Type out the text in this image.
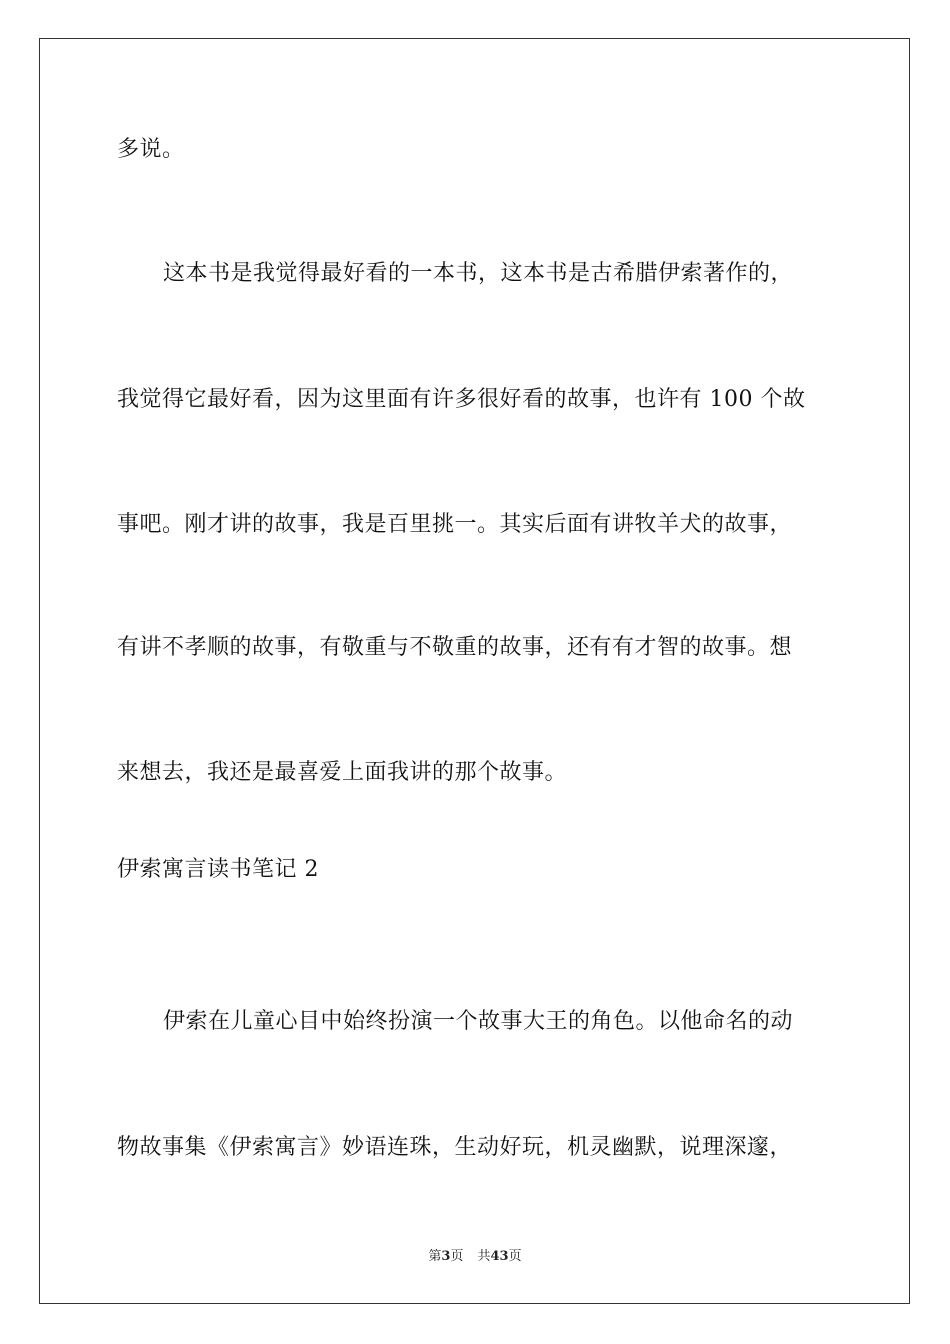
多说。
这本书是我觉得最好看的一本书，这本书是古希腊伊索著作的，
我觉得它最好看，因为这里面有许多很好看的故事，也许有 100 个故
事吧。刚才讲的故事，我是百里挑一。其实后面有讲牧羊犬的故事，
有讲不孝顺的故事，有敬重与不敬重的故事，还有有才智的故事。想
来想去，我还是最喜爱上面我讲的那个故事。
伊索寓言读书笔记 2
伊索在儿童心目中始终扮演一个故事大王的角色。以他命名的动
物故事集《伊索寓言》妙语连珠，生动好玩，机灵幽默，说理深邃，
第3页 共43页
